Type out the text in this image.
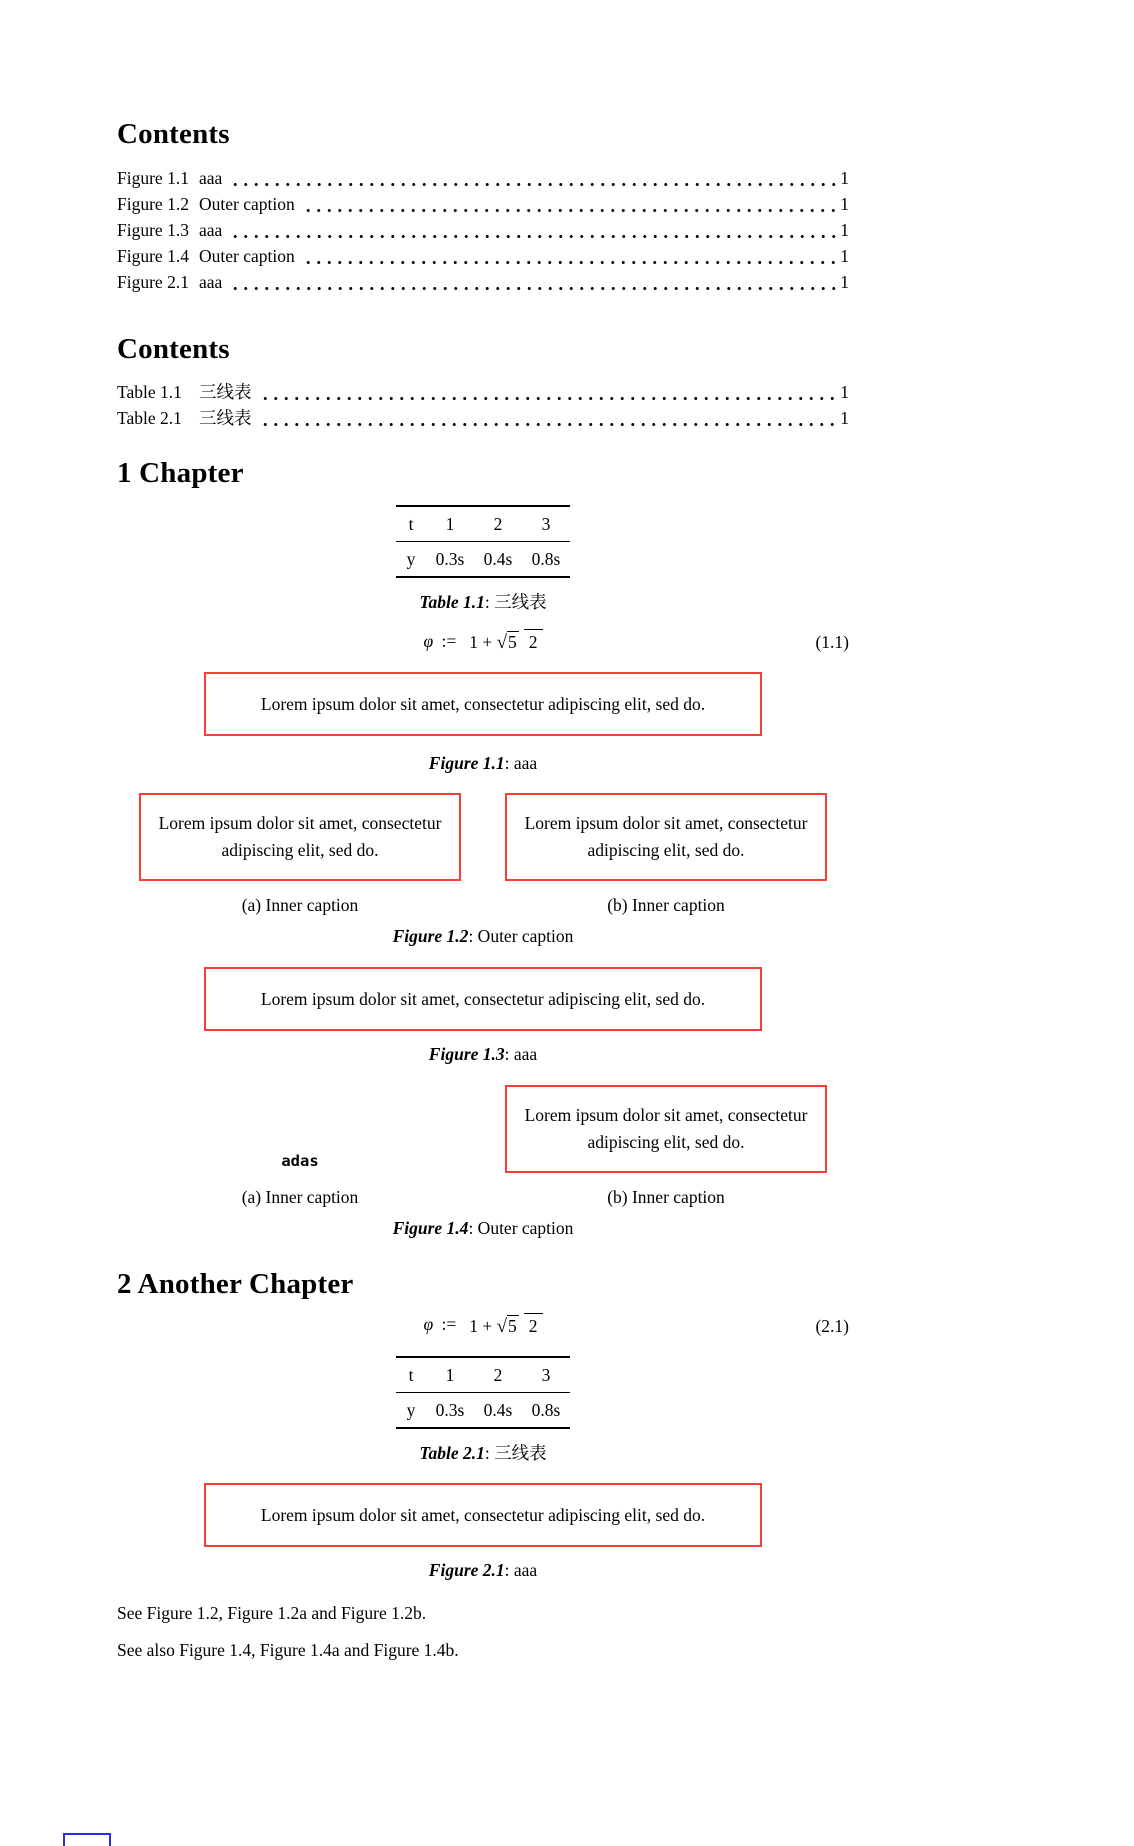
Contents
Figure 1.1 aaa	1
Figure 1.2 Outer caption	1
Figure 1.3 aaa	1
Figure 1.4 Outer caption	1
Figure 2.1 aaa	1
Contents
Table 1.1 三线表	1
Table 2.1 三线表	1
1 Chapter
t	1	2	3
y	0.3s	0.4s	0.8s
Table 1.1: 三线表
φ := 1 + √5 2	(1.1)
Lorem ipsum dolor sit amet, consectetur adipiscing elit, sed do.
Figure 1.1: aaa
Lorem ipsum dolor sit amet, consectetur adipiscing elit, sed do.
(a) Inner caption
Lorem ipsum dolor sit amet, consectetur adipiscing elit, sed do.
(b) Inner caption
Figure 1.2: Outer caption
Lorem ipsum dolor sit amet, consectetur adipiscing elit, sed do.
Figure 1.3: aaa
adas
(a) Inner caption
Lorem ipsum dolor sit amet, consectetur adipiscing elit, sed do.
(b) Inner caption
Figure 1.4: Outer caption
2 Another Chapter
φ := 1 + √5 2	(2.1)
t	1	2	3
y	0.3s	0.4s	0.8s
Table 2.1: 三线表
Lorem ipsum dolor sit amet, consectetur adipiscing elit, sed do.
Figure 2.1: aaa

See Figure 1.2, Figure 1.2a and Figure 1.2b.

See also Figure 1.4, Figure 1.4a and Figure 1.4b.
